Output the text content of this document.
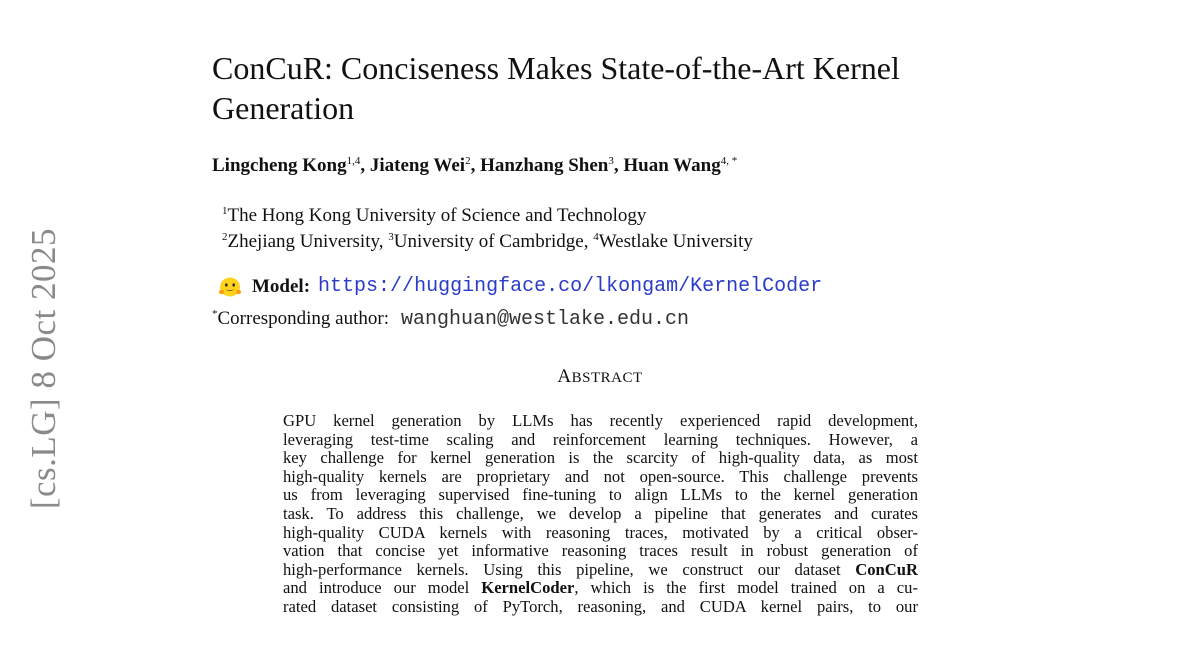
[cs.LG] 8 Oct 2025
ConCuR: Conciseness Makes State-of-the-Art Kernel Generation
Lingcheng Kong$^{1,4}$, Jiateng Wei$^2$, Hanzhang Shen$^3$, Huan Wang$^{4, *}$
$^1$The Hong Kong University of Science and Technology
$^2$Zhejiang University, $^3$University of Cambridge, $^4$Westlake University
Model: https://huggingface.co/lkongam/KernelCoder
*Corresponding author: wanghuan@westlake.edu.cn
ABSTRACT
GPU kernel generation by LLMs has recently experienced rapid development,
leveraging test-time scaling and reinforcement learning techniques. However, a
key challenge for kernel generation is the scarcity of high-quality data, as most
high-quality kernels are proprietary and not open-source. This challenge prevents
us from leveraging supervised fine-tuning to align LLMs to the kernel generation
task. To address this challenge, we develop a pipeline that generates and curates
high-quality CUDA kernels with reasoning traces, motivated by a critical obser-
vation that concise yet informative reasoning traces result in robust generation of
high-performance kernels. Using this pipeline, we construct our dataset ConCuR
and introduce our model KernelCoder, which is the first model trained on a cu-
rated dataset consisting of PyTorch, reasoning, and CUDA kernel pairs, to our
